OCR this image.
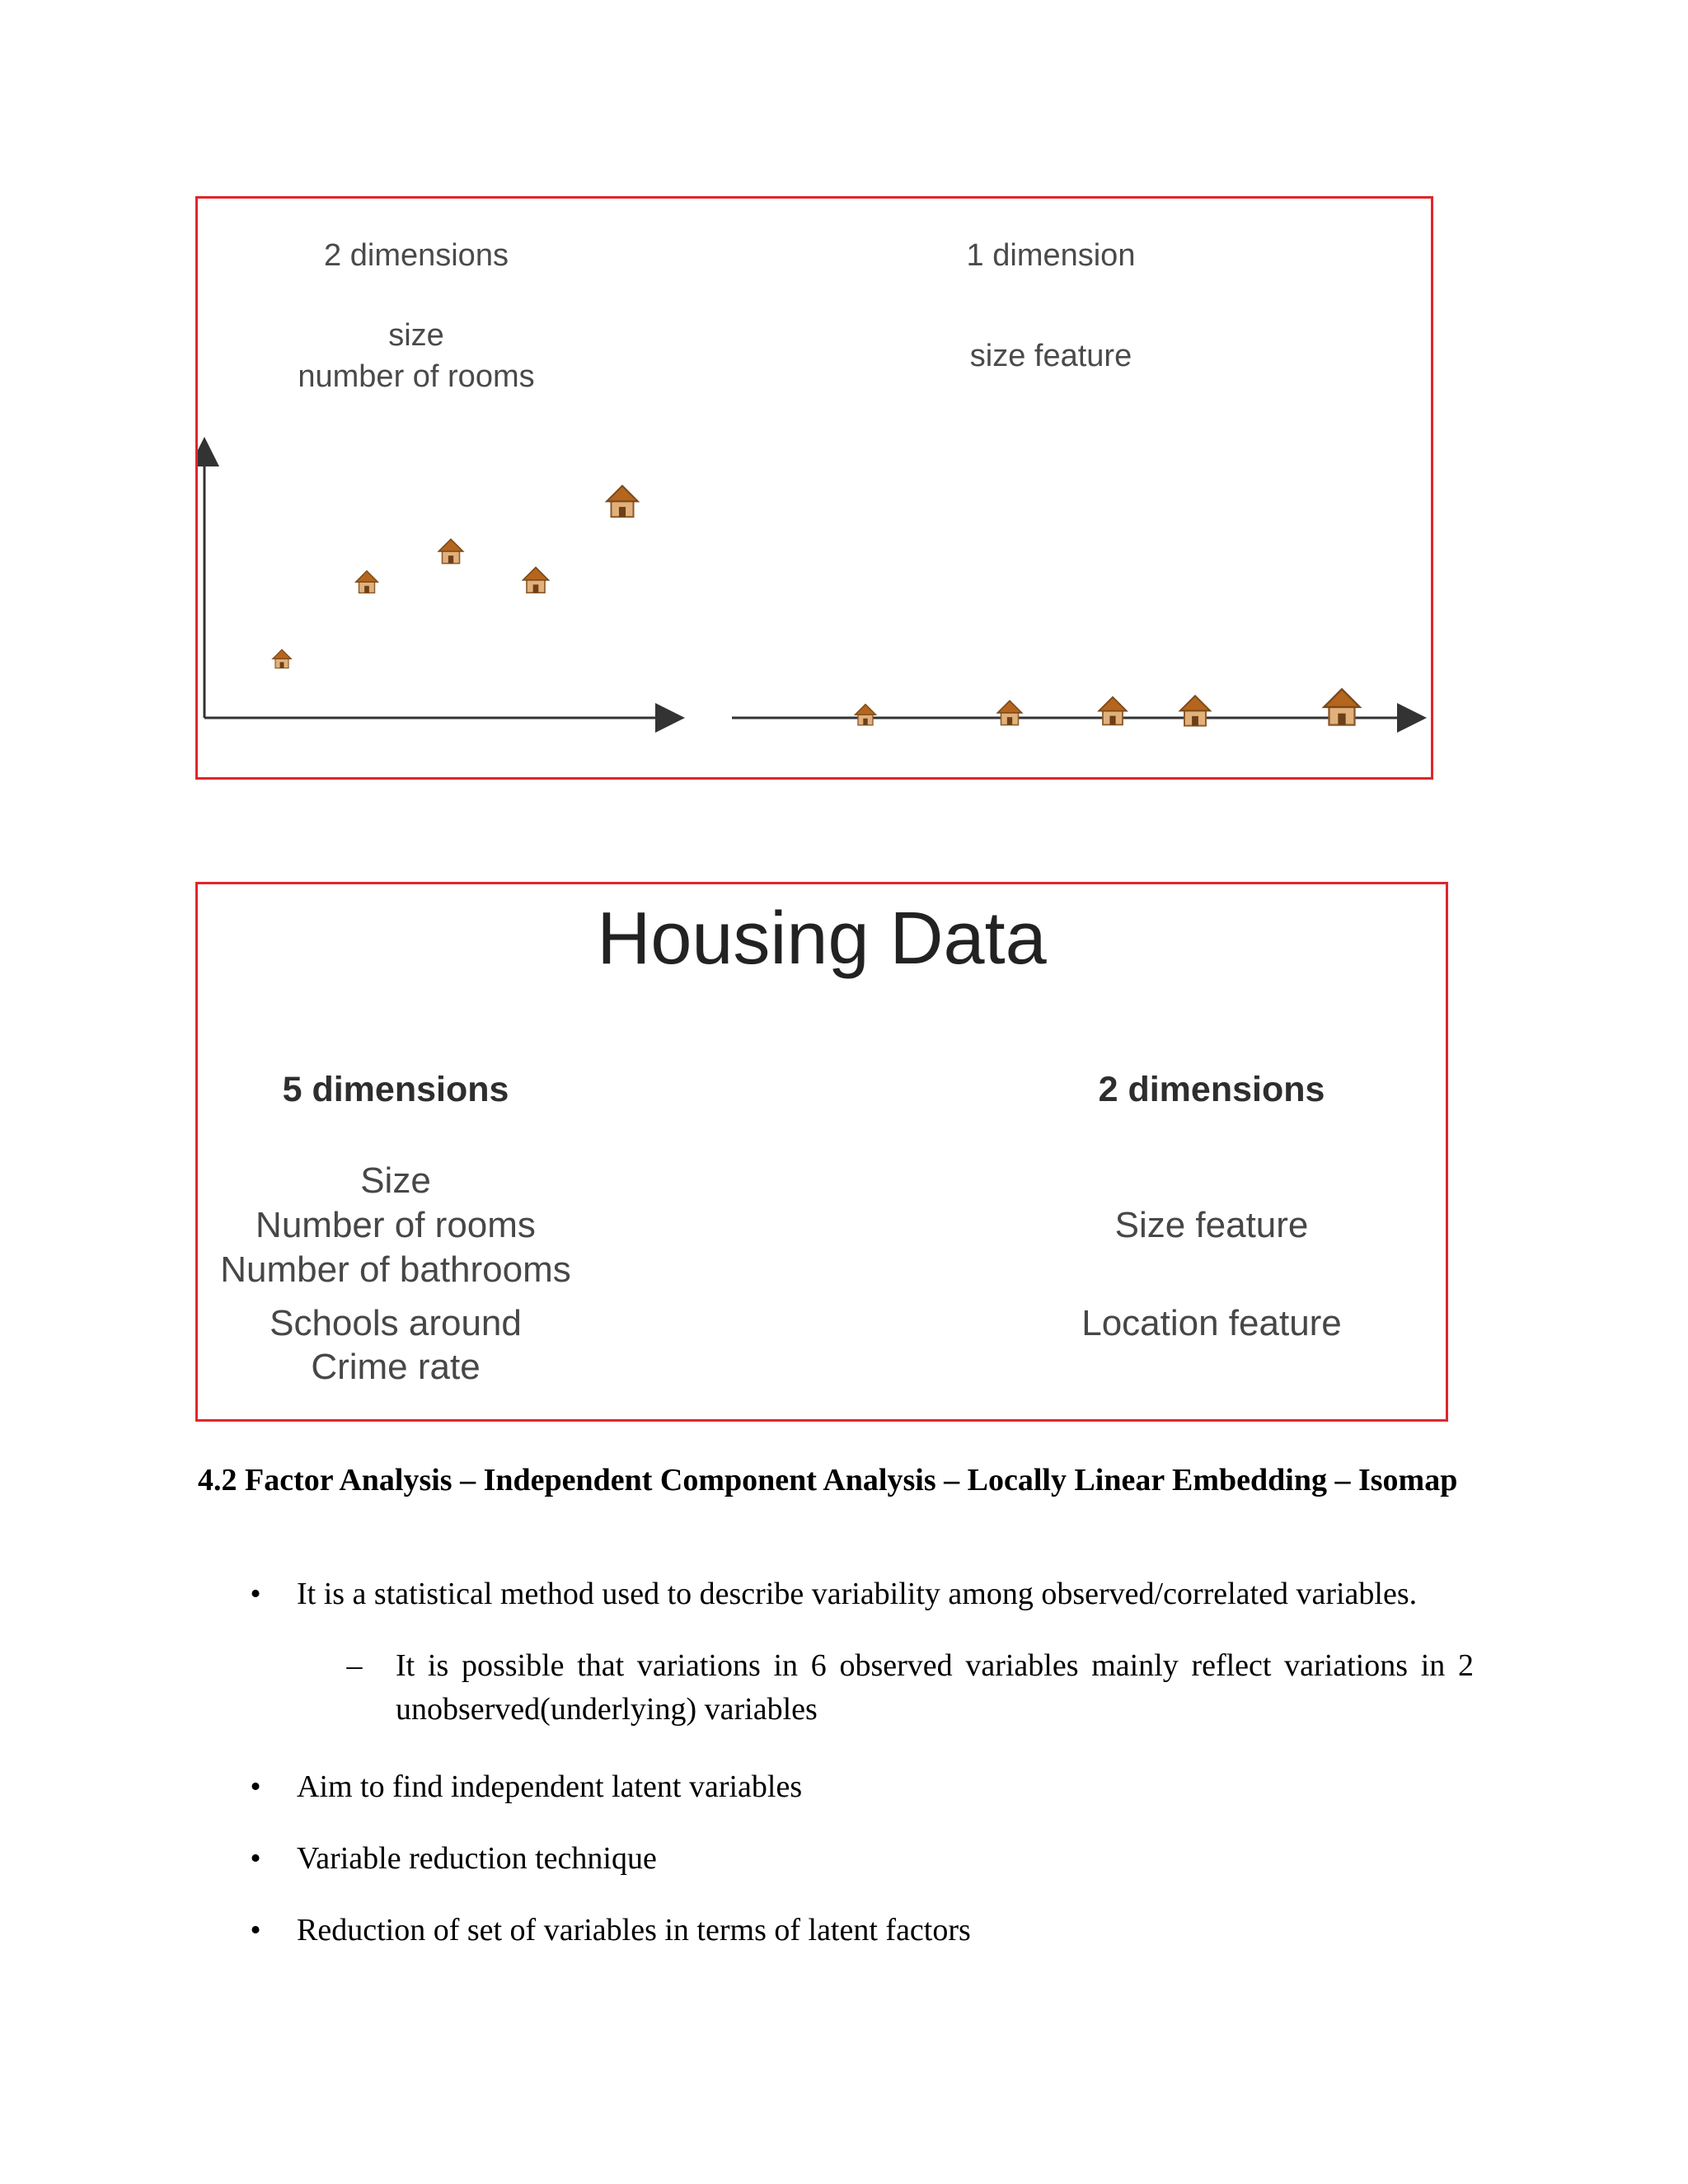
2 dimensions
size
number of rooms
1 dimension
size feature
Housing Data
5 dimensions	2 dimensions
Size
Number of rooms
Number of bathrooms
Schools around
Crime rate
Size feature
Location feature
4.2 Factor Analysis – Independent Component Analysis – Locally Linear Embedding – Isomap
•	It is a statistical method used to describe variability among observed/correlated variables.
– It is possible that variations in 6 observed variables mainly reflect variations in 2 unobserved(underlying) variables
•	Aim to find independent latent variables
•	Variable reduction technique
•	Reduction of set of variables in terms of latent factors
